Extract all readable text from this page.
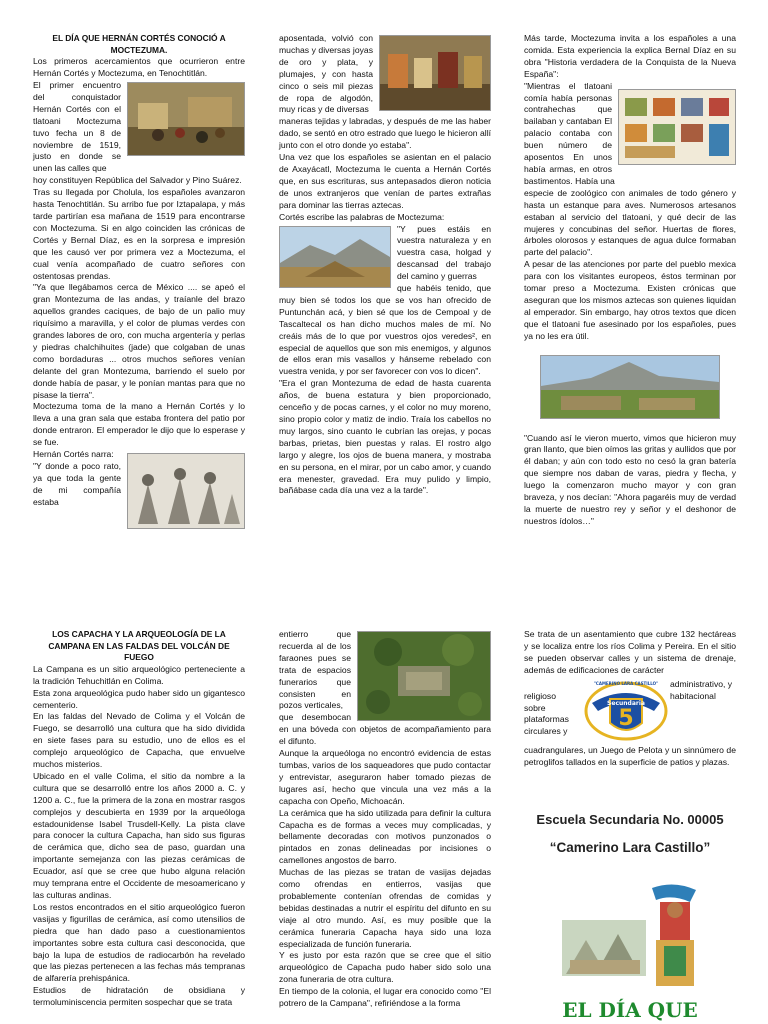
EL DÍA QUE HERNÁN CORTÉS CONOCIÓ A MOCTEZUMA.

Los primeros acercamientos que ocurrieron entre Hernán Cortés y Moctezuma, en Tenochtitlán.

El primer encuentro del conquistador Hernán Cortés con el tlatoani Moctezuma tuvo fecha un 8 de noviembre de 1519, justo en donde se unen las calles que

hoy constituyen República del Salvador y Pino Suárez.

Tras su llegada por Cholula, los españoles avanzaron hasta Tenochtitlán. Su arribo fue por Iztapalapa, y más tarde partirían esa mañana de 1519 para encontrarse con Moctezuma. Si en algo coinciden las crónicas de Cortés y Bernal Díaz, es en la sorpresa e impresión que les causó ver por primera vez a Moctezuma, el cual venía acompañado de cuatro señores con ostentosas prendas.

"Ya que llegábamos cerca de México .... se apeó el gran Montezuma de las andas, y traíanle del brazo aquellos grandes caciques, de bajo de un palio muy riquísimo a maravilla, y el color de plumas verdes con grandes labores de oro, con mucha argentería y perlas y piedras chalchihuites (jade) que colgaban de unas como bordaduras ... otros muchos señores venían delante del gran Montezuma, barriendo el suelo por donde había de pasar, y le ponían mantas para que no pisase la tierra".

Moctezuma toma de la mano a Hernán Cortés y lo lleva a una gran sala que estaba frontera del patio por donde entraron. El emperador le dijo que lo esperase y se fue.

Hernán Cortés narra:

"Y donde a poco rato, ya que toda la gente de mi compañía estaba

aposentada, volvió con muchas y diversas joyas de oro y plata, y plumajes, y con hasta cinco o seis mil piezas de ropa de algodón, muy ricas y de diversas

maneras tejidas y labradas, y después de me las haber dado, se sentó en otro estrado que luego le hicieron allí junto con el otro donde yo estaba".

Una vez que los españoles se asientan en el palacio de Axayácatl, Moctezuma le cuenta a Hernán Cortés que, en sus escrituras, sus antepasados dieron noticia de unos extranjeros que venían de partes extrañas para dominar las tierras aztecas.

Cortés escribe las palabras de Moctezuma:

"Y pues estáis en vuestra naturaleza y en vuestra casa, holgad y descansad del trabajo del camino y guerras

que habéis tenido, que muy bien sé todos los que se vos han ofrecido de Puntunchán acá, y bien sé que los de Cempoal y de Tascaltecal os han dicho muchos males de mí. No creáis más de lo que por vuestros ojos veredes², en especial de aquellos que son mis enemigos, y algunos de ellos eran mis vasallos y hánseme rebelado con vuestra venida, y por ser favorecer con vos lo dicen".

"Era el gran Montezuma de edad de hasta cuarenta años, de buena estatura y bien proporcionado, cenceño y de pocas carnes, y el color no muy moreno, sino propio color y matiz de indio. Traía los cabellos no muy largos, sino cuanto le cubrían las orejas, y pocas barbas, prietas, bien puestas y ralas. El rostro algo largo y alegre, los ojos de buena manera, y mostraba en su persona, en el mirar, por un cabo amor, y cuando era menester, gravedad. Era muy pulido y limpio, bañábase cada día una vez a la tarde".

Más tarde, Moctezuma invita a los españoles a una comida. Esta experiencia la explica Bernal Díaz en su obra "Historia verdadera de la Conquista de la Nueva España":

"Mientras el tlatoani comía había personas contrahechas que bailaban y cantaban El palacio contaba con buen número de aposentos En unos había armas, en otros bastimentos. Había una

especie de zoológico con animales de todo género y hasta un estanque para aves. Numerosos artesanos estaban al servicio del tlatoani, y qué decir de las mujeres y concubinas del señor. Huertas de flores, árboles olorosos y estanques de agua dulce formaban parte del palacio".

A pesar de las atenciones por parte del pueblo mexica para con los visitantes europeos, éstos terminan por tomar preso a Moctezuma. Existen crónicas que aseguran que los mismos aztecas son quienes liquidan al emperador. Sin embargo, hay otros textos que dicen que el tlatoani fue asesinado por los españoles, pues ya no les era útil.

"Cuando así le vieron muerto, vimos que hicieron muy gran llanto, que bien oímos las gritas y aullidos que por él daban; y aún con todo esto no cesó la gran batería que siempre nos daban de varas, piedra y flecha, y luego la comenzaron mucho mayor y con gran braveza, y nos decían: "Ahora pagaréis muy de verdad la muerte de nuestro rey y señor y el deshonor de nuestros ídolos…"

LOS CAPACHA Y LA ARQUEOLOGÍA DE LA CAMPANA EN LAS FALDAS DEL VOLCÁN DE FUEGO

La Campana es un sitio arqueológico perteneciente a la tradición Tehuchitlán en Colima.

Esta zona arqueológica pudo haber sido un gigantesco cementerio.

En las faldas del Nevado de Colima y el Volcán de Fuego, se desarrolló una cultura que ha sido dividida en siete fases para su estudio, uno de ellos es el complejo arqueológico de Capacha, que envuelve muchos misterios.

Ubicado en el valle Colima, el sitio da nombre a la cultura que se desarrolló entre los años 2000 a. C. y 1200 a. C., fue la primera de la zona en mostrar rasgos complejos y descubierta en 1939 por la arqueóloga estadounidense Isabel Trusdell-Kelly. La pista clave para conocer la cultura Capacha, han sido sus figuras de cerámica que, dicho sea de paso, guardan una importante semejanza con las piezas cerámicas de Ecuador, así que se cree que hubo alguna relación muy temprana entre el Occidente de mesoamericano y las culturas andinas.

Los restos encontrados en el sitio arqueológico fueron vasijas y figurillas de cerámica, así como utensilios de piedra que han dado paso a cuestionamientos importantes sobre esta cultura casi desconocida, que bajo la lupa de estudios de radiocarbón ha revelado que las piezas pertenecen a las fechas más tempranas de alfarería prehispánica.

Estudios de hidratación de obsidiana y termoluminiscencia permiten sospechar que se trata

entierro que recuerda al de los faraones pues se trata de espacios funerarios que consisten en pozos verticales,

que desembocan en una bóveda con objetos de acompañamiento para el difunto.

Aunque la arqueóloga no encontró evidencia de estas tumbas, varios de los saqueadores que pudo contactar y entrevistar, aseguraron haber tomado piezas de lugares así, hecho que vincula una vez más a la capacha con Opeño, Michoacán.

La cerámica que ha sido utilizada para definir la cultura Capacha es de formas a veces muy complicadas, y bellamente decoradas con motivos punzonados o pintados en zonas delineadas por incisiones o camellones angostos de barro.

Muchas de las piezas se tratan de vasijas dejadas como ofrendas en entierros, vasijas que probablemente contenían ofrendas de comidas y bebidas destinadas a nutrir el espíritu del difunto en su viaje al otro mundo. Así, es muy posible que la cerámica funeraria Capacha haya sido una loza especializada de función funeraria.

Y es justo por esta razón que se cree que el sitio arqueológico de Capacha pudo haber sido solo una zona funeraria de otra cultura.

En tiempo de la colonia, el lugar era conocido como "El potrero de la Campana", refiriéndose a la forma

Se trata de un asentamiento que cubre 132 hectáreas y se localiza entre los ríos Colima y Pereira. En el sitio se pueden observar calles y un sistema de drenaje, además de edificaciones de carácter

religioso sobre plataformas circulares y
administrativo, y habitacional
5
Secundaria
"CAMERINO LARA CASTILLO"

cuadrangulares, un Juego de Pelota y un sinnúmero de petroglifos tallados en la superficie de patios y plazas.

Escuela Secundaria No. 00005
“Camerino Lara Castillo”
EL DÍA QUE
